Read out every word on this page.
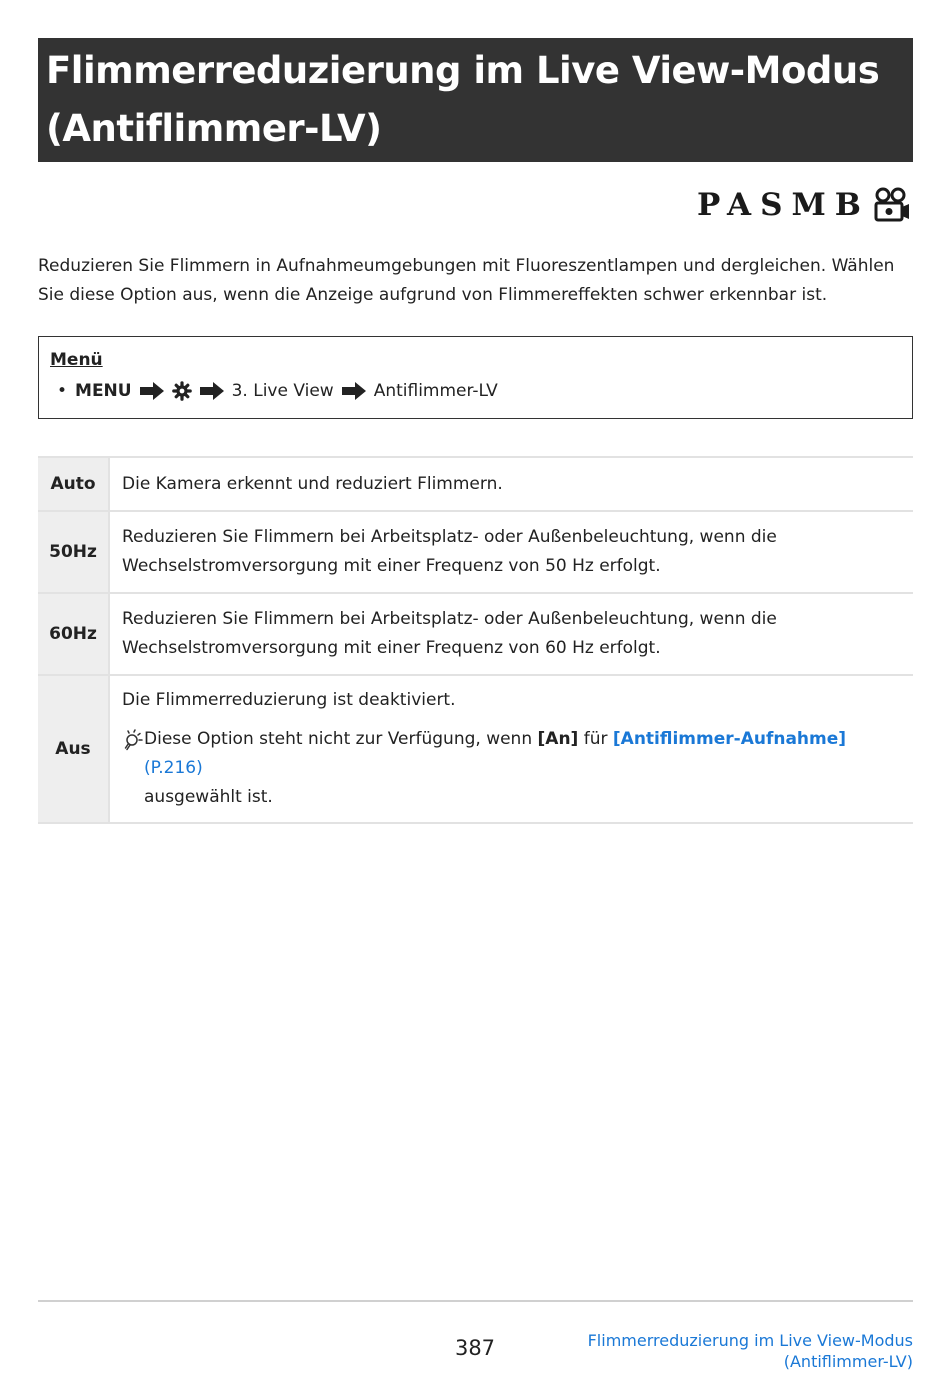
Flimmerreduzierung im Live View-Modus
(Antiflimmer-LV)
PASMB
Reduzieren Sie Flimmern in Aufnahmeumgebungen mit Fluoreszentlampen und dergleichen. Wählen Sie diese Option aus, wenn die Anzeige aufgrund von Flimmereffekten schwer erkennbar ist.
Menü
• MENU	3. Live View Antiflimmer-LV
Auto	Die Kamera erkennt und reduziert Flimmern.
50Hz	Reduzieren Sie Flimmern bei Arbeitsplatz- oder Außenbeleuchtung, wenn die Wechselstromversorgung mit einer Frequenz von 50 Hz erfolgt.
60Hz	Reduzieren Sie Flimmern bei Arbeitsplatz- oder Außenbeleuchtung, wenn die Wechselstromversorgung mit einer Frequenz von 60 Hz erfolgt.
Aus	Die Flimmerreduzierung ist deaktiviert.
Diese Option steht nicht zur Verfügung, wenn [An] für [Antiflimmer-Aufnahme] (P.216)
ausgewählt ist.
387	Flimmerreduzierung im Live View-Modus
(Antiflimmer-LV)
